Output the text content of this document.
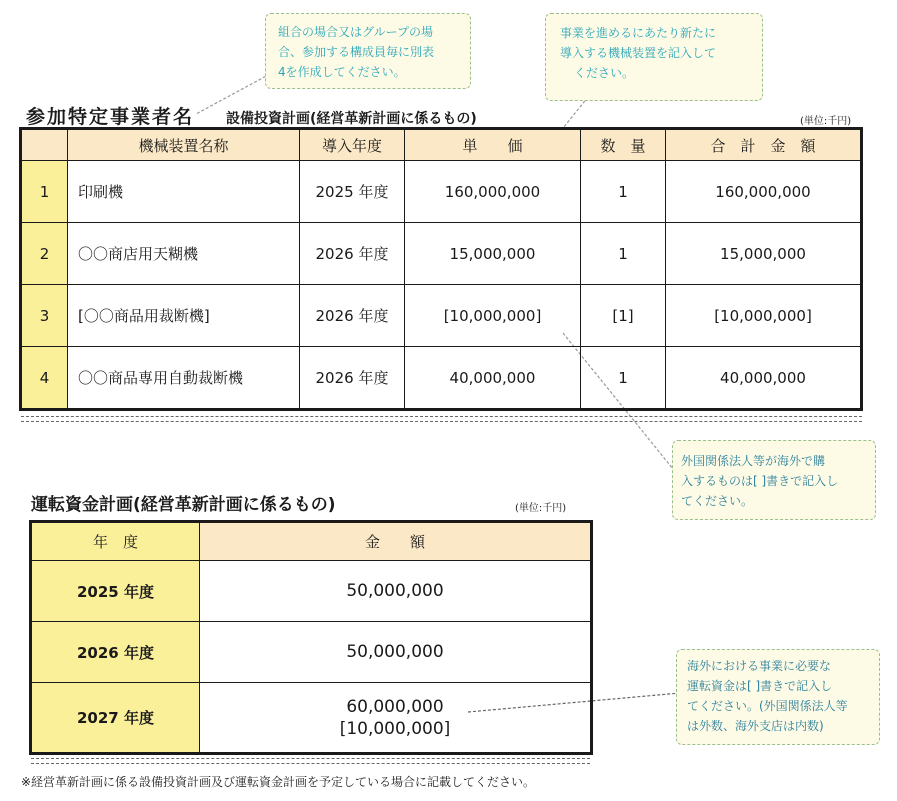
組合の場合又はグループの場
合、参加する構成員毎に別表
4を作成してください。
事業を進めるにあたり新たに
導入する機械装置を記入して
ください。
外国関係法人等が海外で購
入するものは[ ]書きで記入し
てください。
海外における事業に必要な
運転資金は[ ]書きで記入し
てください。(外国関係法人等
は外数、海外支店は内数)
参加特定事業者名 設備投資計画(経営革新計画に係るもの)	(単位:千円)
	機械装置名称	導入年度	単　　価	数　量	合　計　金　額
1	印刷機	2025 年度	160,000,000	1	160,000,000
2	〇〇商店用天糊機	2026 年度	15,000,000	1	15,000,000
3	[〇〇商品用裁断機]	2026 年度	[10,000,000]	[1]	[10,000,000]
4	〇〇商品専用自動裁断機	2026 年度	40,000,000	1	40,000,000
運転資金計画(経営革新計画に係るもの)	(単位:千円)
年　度	金　　額
2025 年度	50,000,000

2026 年度	50,000,000

2027 年度	60,000,000
[10,000,000]
※経営革新計画に係る設備投資計画及び運転資金計画を予定している場合に記載してください。
